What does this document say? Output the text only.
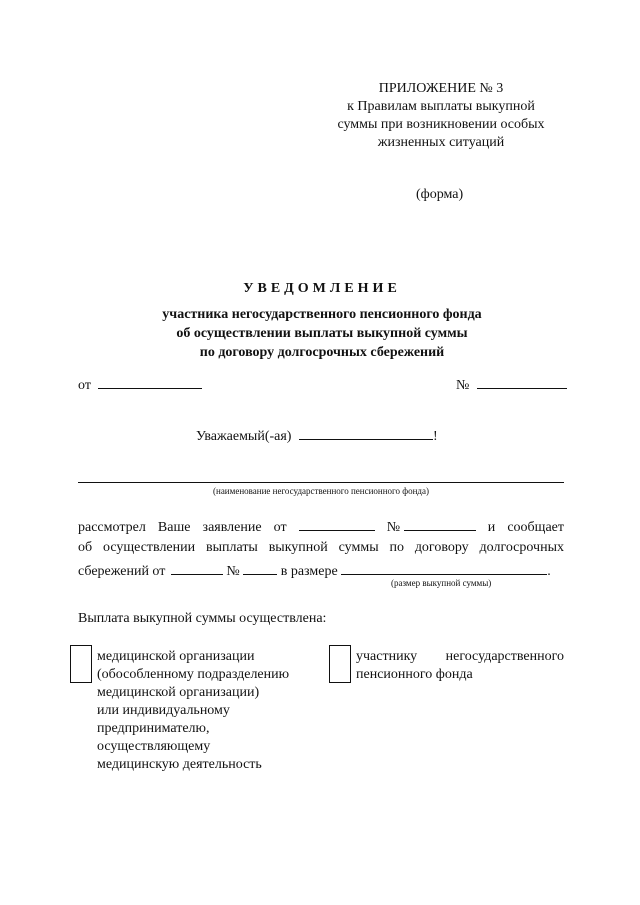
ПРИЛОЖЕНИЕ № 3
к Правилам выплаты выкупной
суммы при возникновении особых
жизненных ситуаций
(форма)
УВЕДОМЛЕНИЕ
участника негосударственного пенсионного фонда
об осуществлении выплаты выкупной суммы
по договору долгосрочных сбережений
от	№
Уважаемый(-ая)	!
(наименование негосударственного пенсионного фонда)
рассмотрел Ваше заявление от	№	и сообщает
об осуществлении выплаты выкупной суммы по договору долгосрочных
сбережений от	№	в размере	.
(размер выкупной суммы)
Выплата выкупной суммы осуществлена:
медицинской организации
(обособленному подразделению
медицинской организации)
или индивидуальному
предпринимателю,
осуществляющему
медицинскую деятельность
участнику негосударственного
пенсионного фонда
